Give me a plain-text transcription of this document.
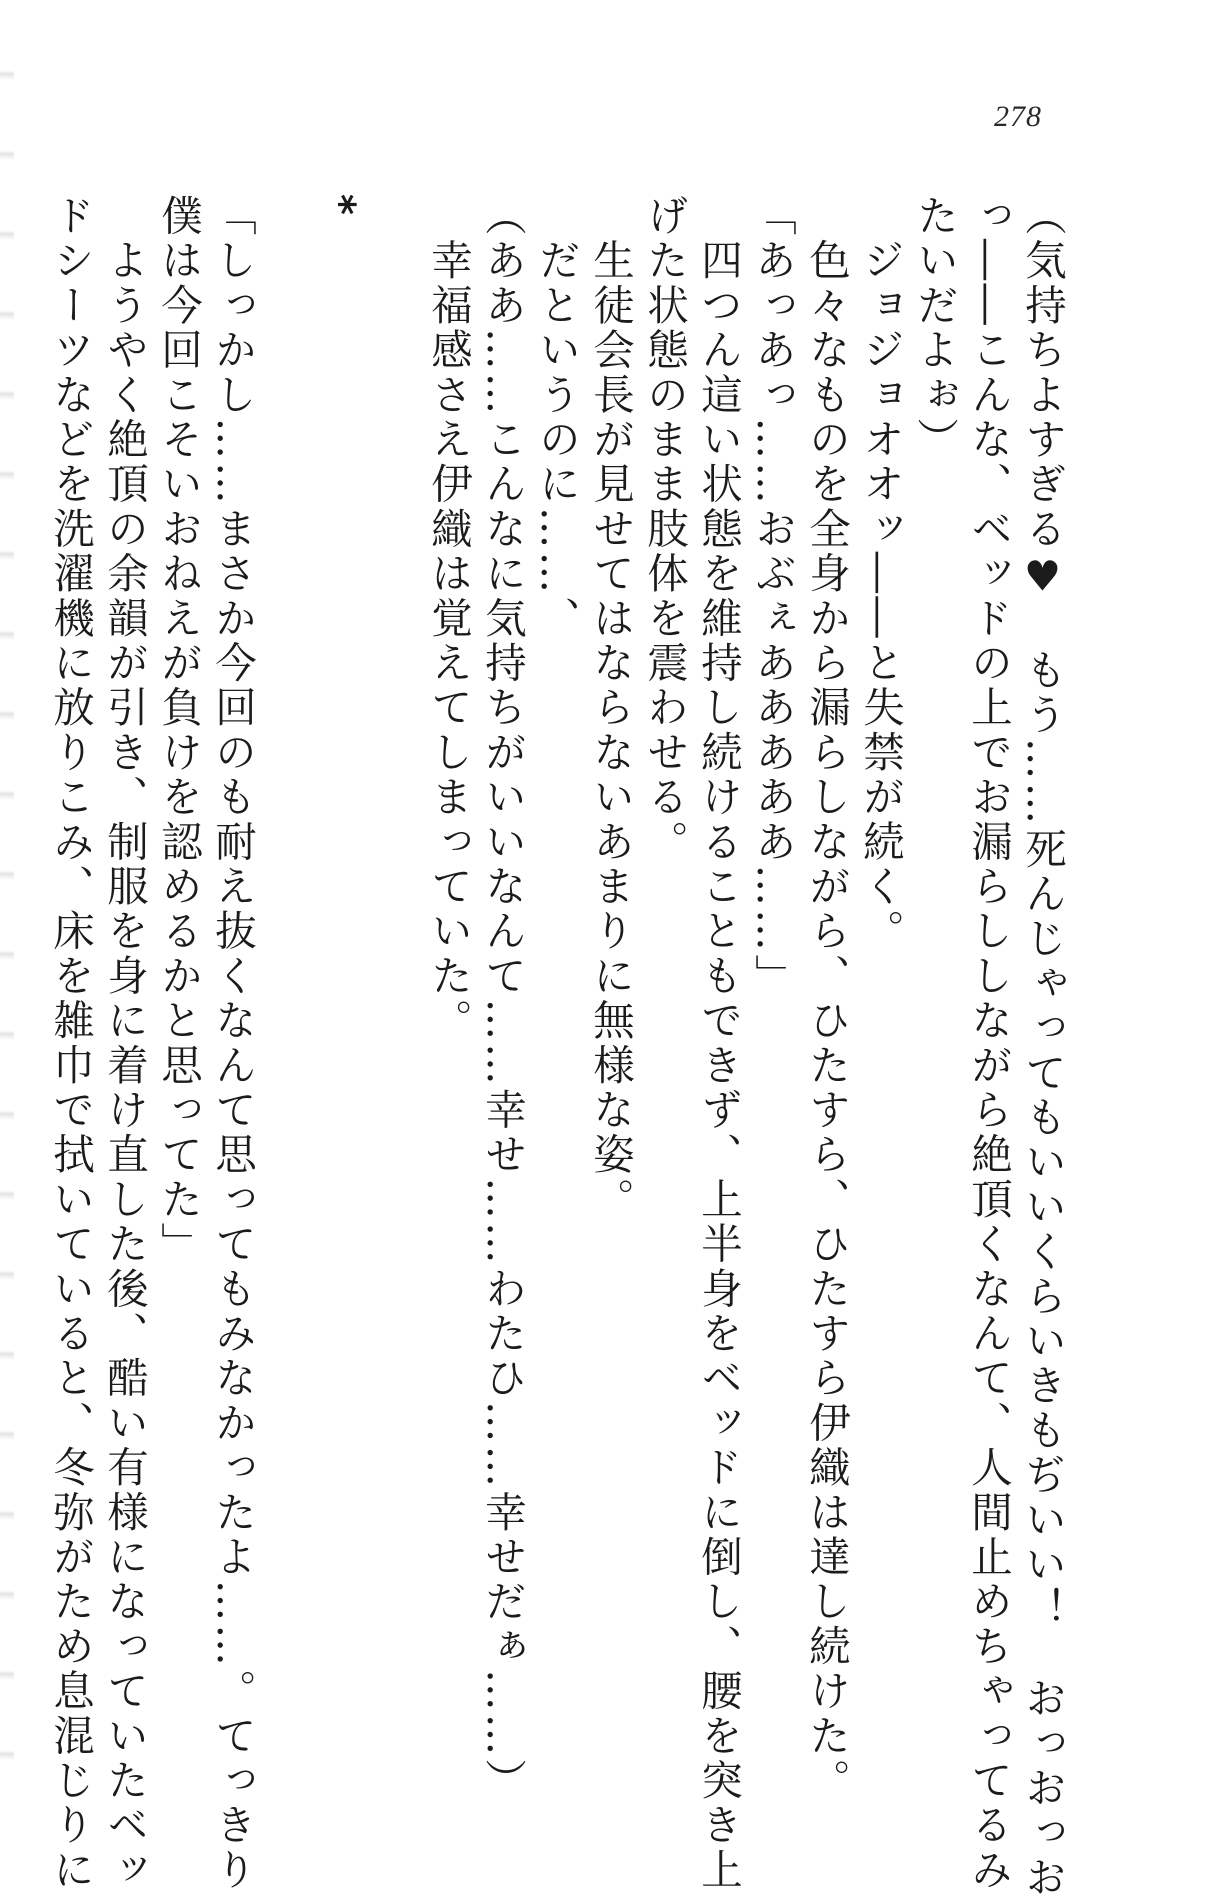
278

（気持ちよすぎる♥　もう……死んじゃってもいいくらいきもぢいい！　おっおっお

っ――こんな、ベッドの上でお漏らししながら絶頂くなんて、人間止めちゃってるみ

たいだよぉ）

　ジョジョオオッ――と失禁が続く。

　色々なものを全身から漏らしながら、ひたすら、ひたすら伊織は達し続けた。

「あっあっ……おぶぇあああああ……」

　四つん這い状態を維持し続けることもできず、上半身をベッドに倒し、腰を突き上

げた状態のまま肢体を震わせる。

　生徒会長が見せてはならないあまりに無様な姿。

　だというのに……、

（ああ……こんなに気持ちがいいなんて……幸せ……わたひ……幸せだぁ……）

　幸福感さえ伊織は覚えてしまっていた。

*

「しっかし……まさか今回のも耐え抜くなんて思ってもみなかったよ……。てっきり

僕は今回こそいおねえが負けを認めるかと思ってた」

　ようやく絶頂の余韻が引き、制服を身に着け直した後、酷い有様になっていたベッ

ドシーツなどを洗濯機に放りこみ、床を雑巾で拭いていると、冬弥がため息混じりに
